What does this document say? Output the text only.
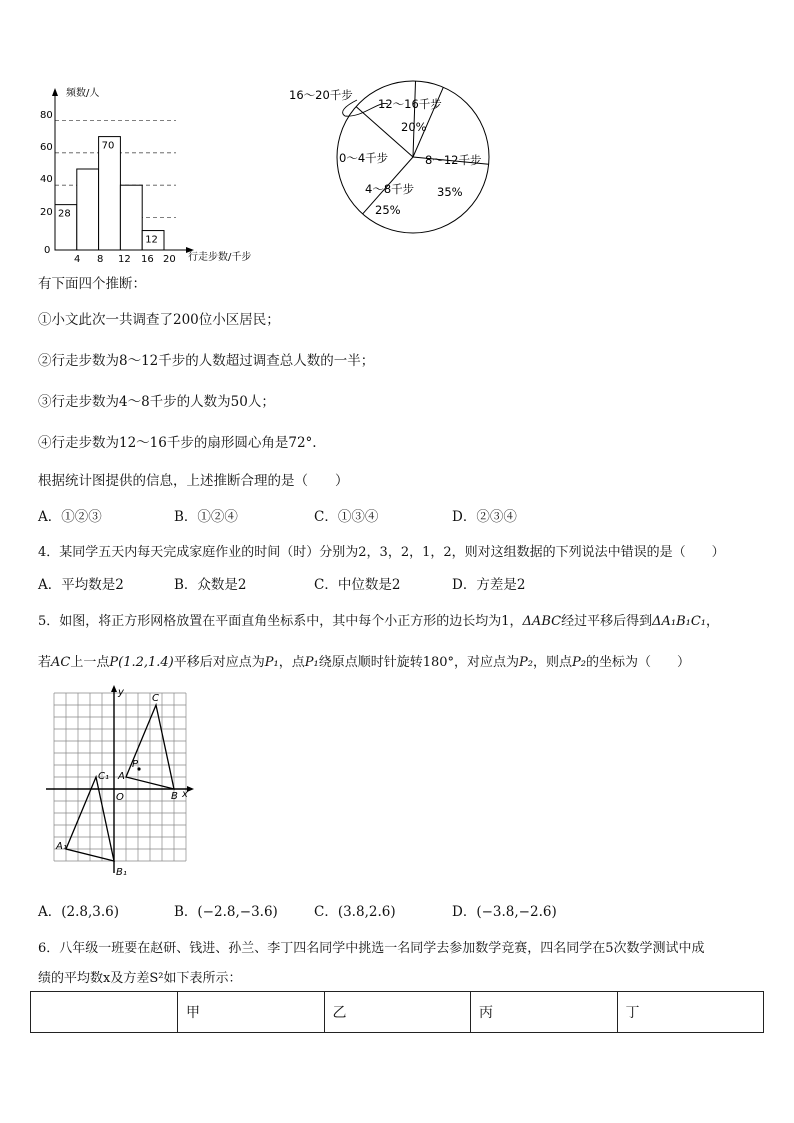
28
70
12
频数/人
行走步数/千步
0
20
40
60
80
4 8 12 16 20
16～20千步
12～16千步
20%
0～4千步	8～12千步
35%
4～8千步
25%
有下面四个推断：
①小文此次一共调查了200位小区居民；
②行走步数为8～12千步的人数超过调查总人数的一半；
③行走步数为4～8千步的人数为50人；
④行走步数为12～16千步的扇形圆心角是72°.
根据统计图提供的信息，上述推断合理的是（　　）
A．①②③	B．①②④	C．①③④	D．②③④
4．某同学五天内每天完成家庭作业的时间（时）分别为2，3，2，1，2，则对这组数据的下列说法中错误的是（　　）
A．平均数是2	B．众数是2	C．中位数是2	D．方差是2
5．如图，将正方形网格放置在平面直角坐标系中，其中每个小正方形的边长均为1，ΔABC经过平移后得到ΔA₁B₁C₁，
若AC上一点P(1.2,1.4)平移后对应点为P₁，点P₁绕原点顺时针旋转180°，对应点为P₂，则点P₂的坐标为（　　）
y
x
O
A
B
C
P
A₁
B₁
C₁
A．(2.8,3.6)	B．(−2.8,−3.6)	C．(3.8,2.6)	D．(−3.8,−2.6)
6．八年级一班要在赵研、钱进、孙兰、李丁四名同学中挑选一名同学去参加数学竞赛，四名同学在5次数学测试中成
绩的平均数x及方差S²如下表所示：
	甲	乙	丙	丁
